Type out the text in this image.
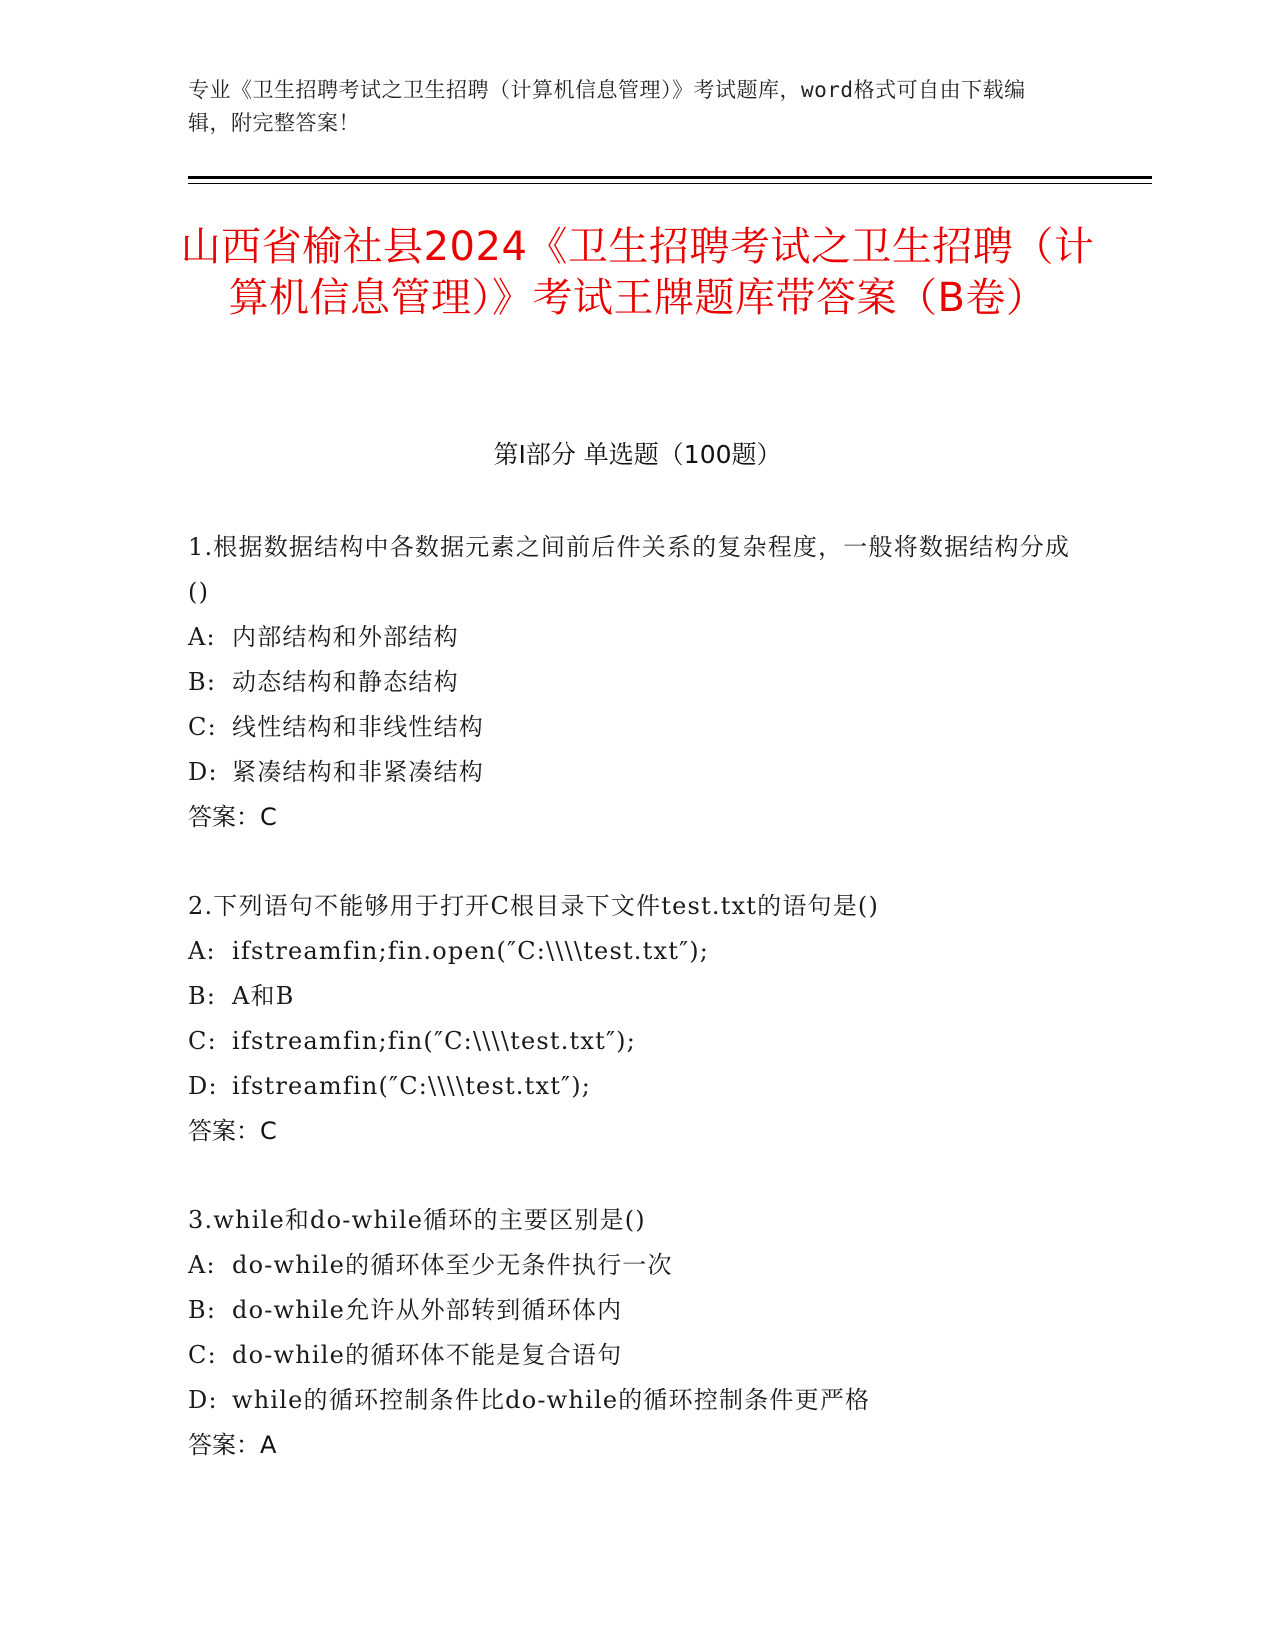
专业《卫生招聘考试之卫生招聘（计算机信息管理）》考试题库，word格式可自由下载编辑，附完整答案！
山西省榆社县2024《卫生招聘考试之卫生招聘（计算机信息管理）》考试王牌题库带答案（B卷）
第I部分 单选题（100题）
1.根据数据结构中各数据元素之间前后件关系的复杂程度，一般将数据结构分成()
A: 内部结构和外部结构
B: 动态结构和静态结构
C: 线性结构和非线性结构
D: 紧凑结构和非紧凑结构
答案：C
2.下列语句不能够用于打开C根目录下文件test.txt的语句是()
A: ifstreamfin;fin.open(″C:\\\\test.txt″);
B: A和B
C: ifstreamfin;fin(″C:\\\\test.txt″);
D: ifstreamfin(″C:\\\\test.txt″);
答案：C
3.while和do-while循环的主要区别是()
A: do-while的循环体至少无条件执行一次
B: do-while允许从外部转到循环体内
C: do-while的循环体不能是复合语句
D: while的循环控制条件比do-while的循环控制条件更严格
答案：A
